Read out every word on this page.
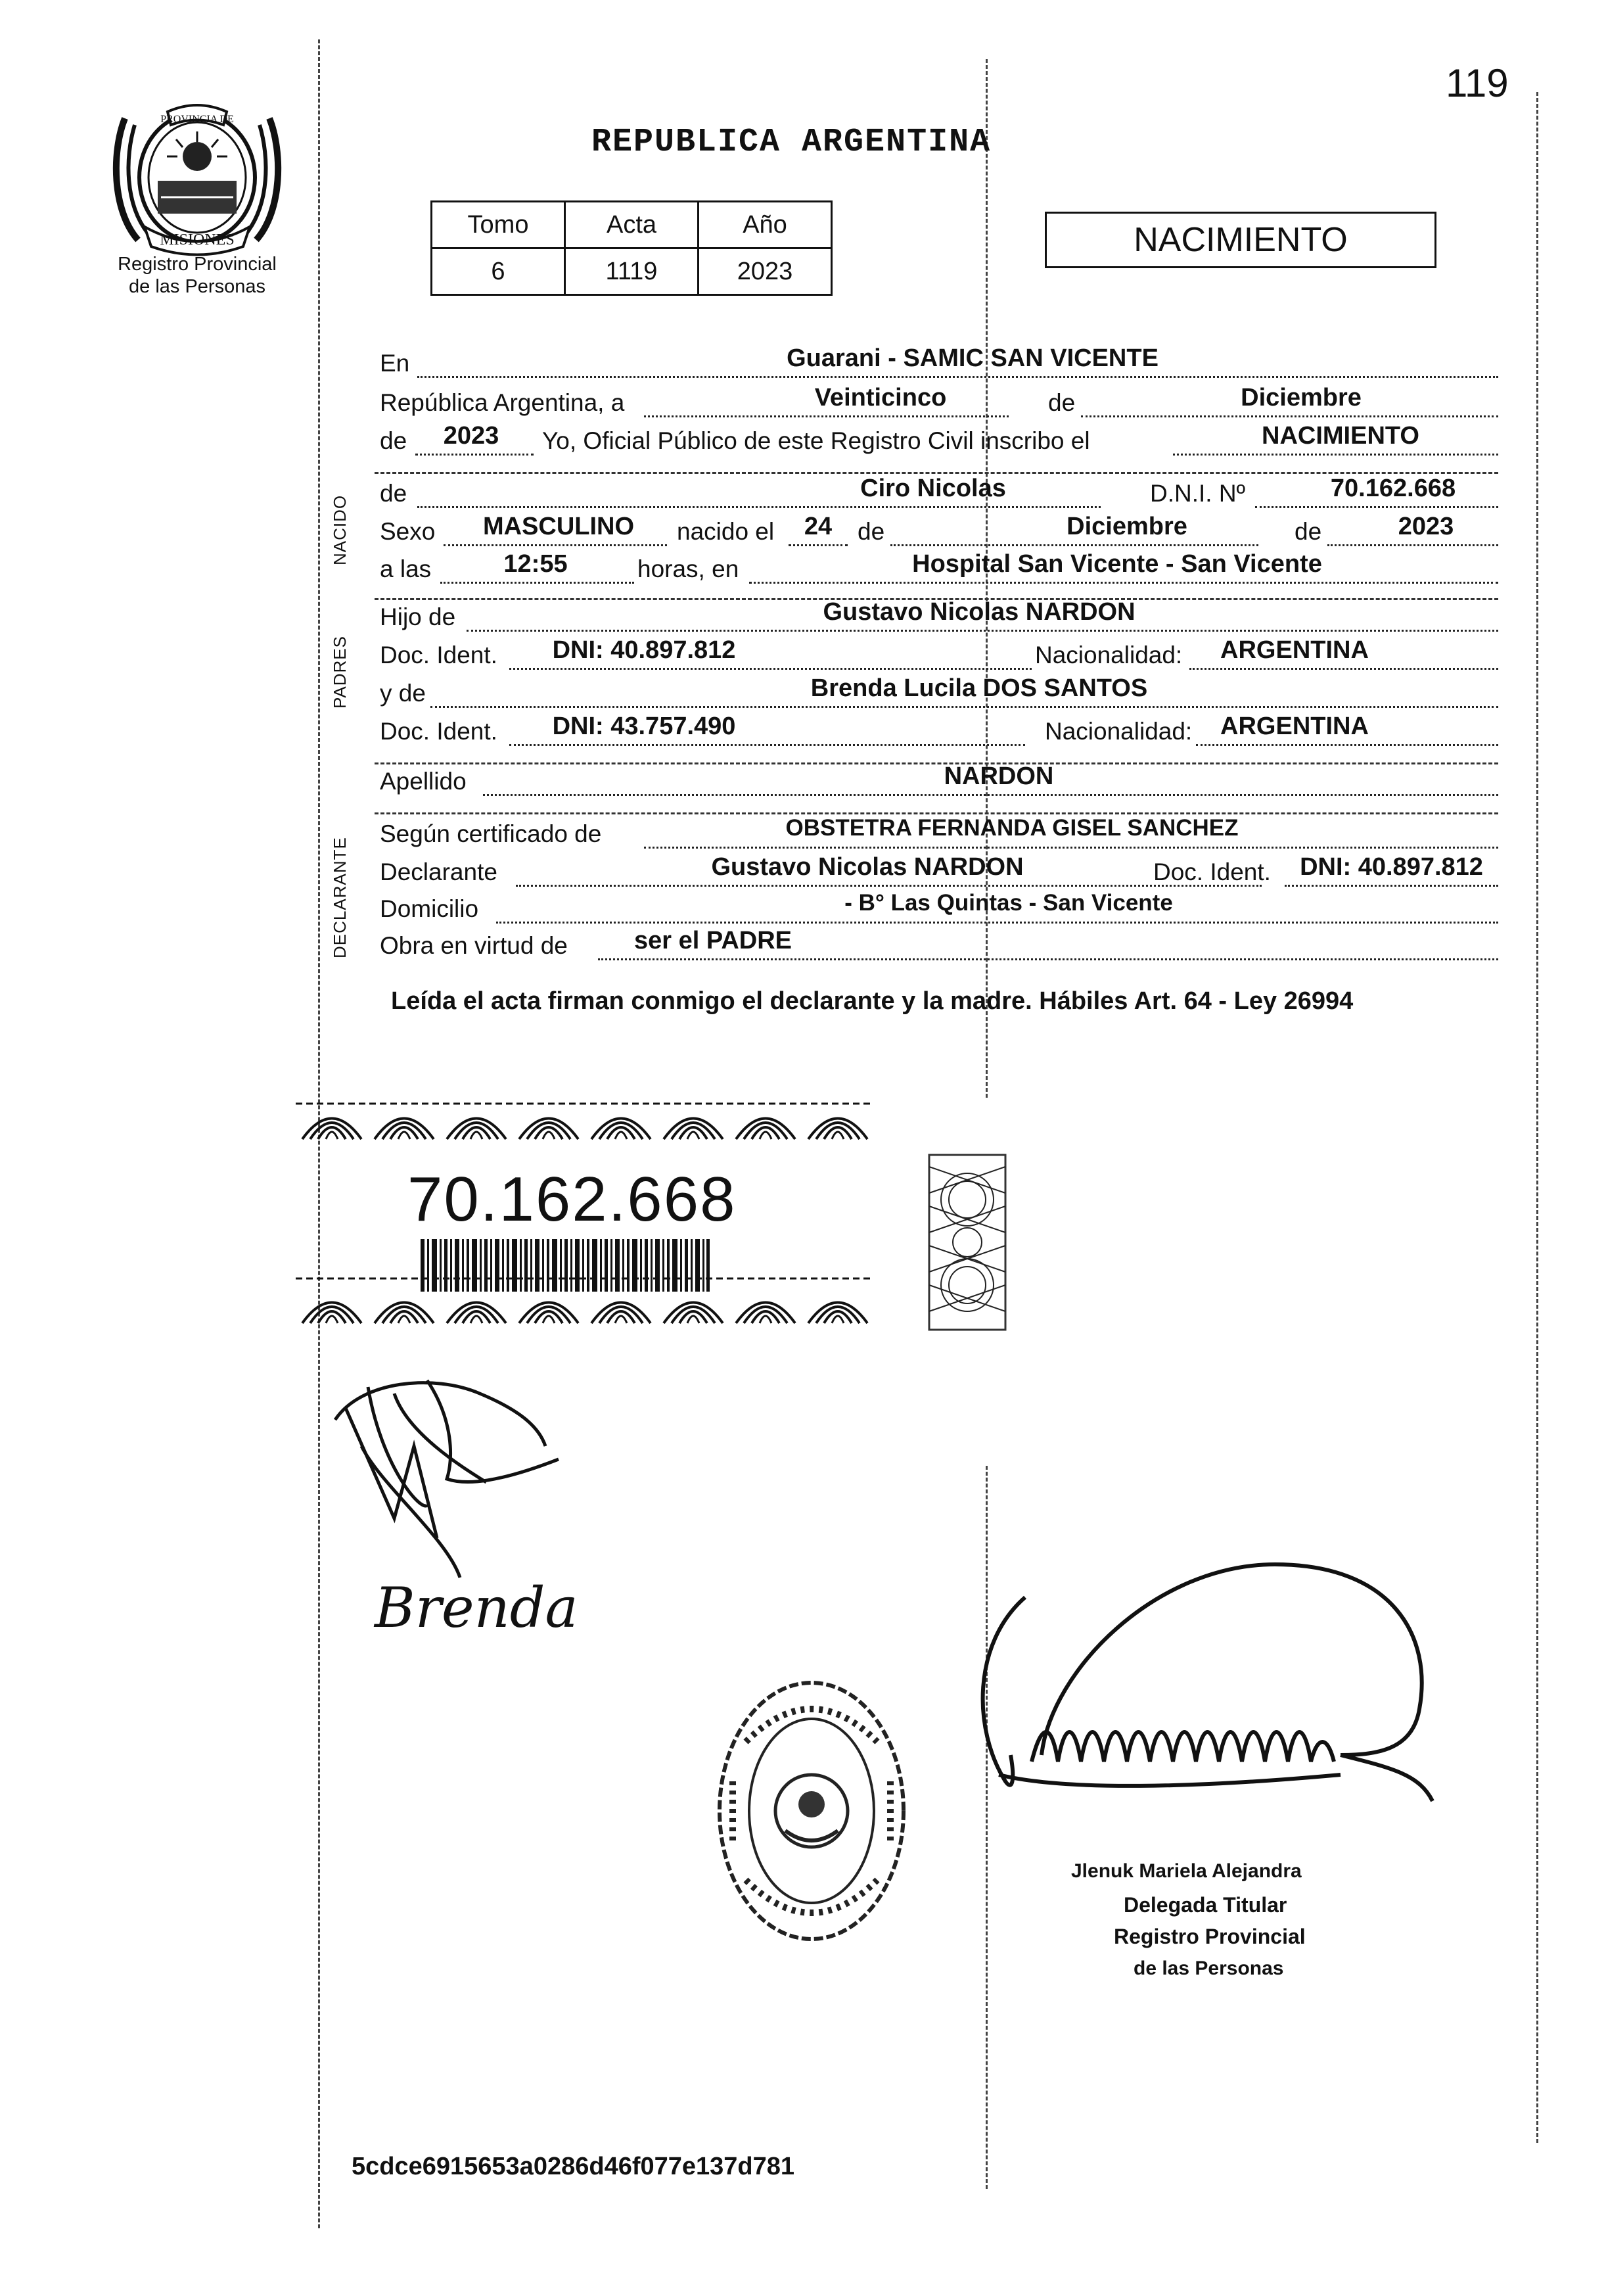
119
PROVINCIA DE
MISIONES
Registro Provincial
de las Personas
REPUBLICA ARGENTINA
Tomo	Acta	Año
6	1119	2023
NACIMIENTO
En	Guarani - SAMIC SAN VICENTE
República Argentina, a	Veinticinco	de	Diciembre
de	2023	Yo, Oficial Público de este Registro Civil inscribo el	NACIMIENTO
de	Ciro Nicolas	D.N.I. Nº	70.162.668
Sexo	MASCULINO	nacido el	24	de	Diciembre	de	2023
a las	12:55	horas, en	Hospital San Vicente - San Vicente
NACIDO
Hijo de	Gustavo Nicolas NARDON
Doc. Ident.	DNI: 40.897.812	Nacionalidad:	ARGENTINA
y de	Brenda Lucila DOS SANTOS
Doc. Ident.	DNI: 43.757.490	Nacionalidad:	ARGENTINA
PADRES
Apellido	NARDON
Según certificado de	OBSTETRA FERNANDA GISEL SANCHEZ
Declarante	Gustavo Nicolas NARDON	Doc. Ident.	DNI: 40.897.812
Domicilio	- B° Las Quintas - San Vicente
Obra en virtud de	ser el PADRE
DECLARANTE
Leída el acta firman conmigo el declarante y la madre. Hábiles Art. 64 - Ley 26994
70.162.668
Brenda
Jlenuk Mariela Alejandra
Delegada Titular
Registro Provincial
de las Personas
5cdce6915653a0286d46f077e137d781
